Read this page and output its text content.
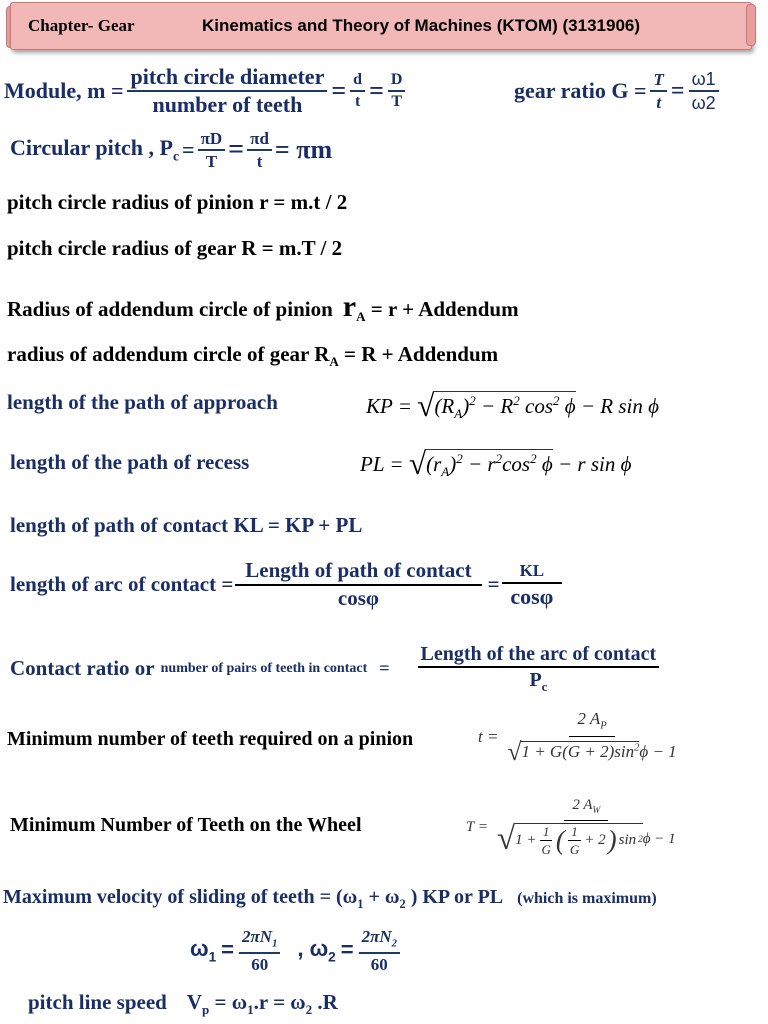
Chapter- Gear	Kinematics and Theory of Machines (KTOM) (3131906)
Module, $m = \frac{\text{pitch circle diameter}}{\text{number of teeth}} = \frac{d}{t} = \frac{D}{T}$	gear ratio $G = \frac{T}{t} = \frac{\omega 1}{\omega 2}$
Circular pitch , $P_c = \frac{\pi D}{T} = \frac{\pi d}{t} = \pi m$
pitch circle radius of pinion r = m.t / 2
pitch circle radius of gear R = m.T / 2
Radius of addendum circle of pinion $r_A = r$ + Addendum
radius of addendum circle of gear $R_A = R$ + Addendum
length of the path of approach	KP = $√(R_A)^2 - R^2$ $\cos^2 \phi - R$ sin ϕ
length of the path of recess	PL = $√(r_A)^2 - r^2\cos^2$ ϕ − r sin ϕ
length of path of contact KL = KP + PL
length of arc of contact = $\frac{\text{Length of path of contact}}{\cos\varphi} = \frac{KL}{\cos\varphi}$
Contact ratio or number of pairs of teeth in contact = $\frac{\text{Length of the arc of contact}}{P_c}$
Minimum number of teeth required on a pinion	$t = \frac{2 A_P}{√1 + G(G + 2)\sin^2\phi - 1}$
Minimum Number of Teeth on the Wheel	T =
2 $A_W$
√ $1 + \frac{1}{G}$ ( $\frac{1}{G} + 2$ ) sin 2 ϕ − 1
Maximum velocity of sliding of teeth = ($\omega_1 + \omega_2$ ) KP or PL (which is maximum)
$\omega_1 = \frac{2\pi N_1}{60}$ , $\omega_2 = \frac{2\pi N_2}{60}$
pitch line speed $V_p = \omega_1.r = \omega_2$ .R
